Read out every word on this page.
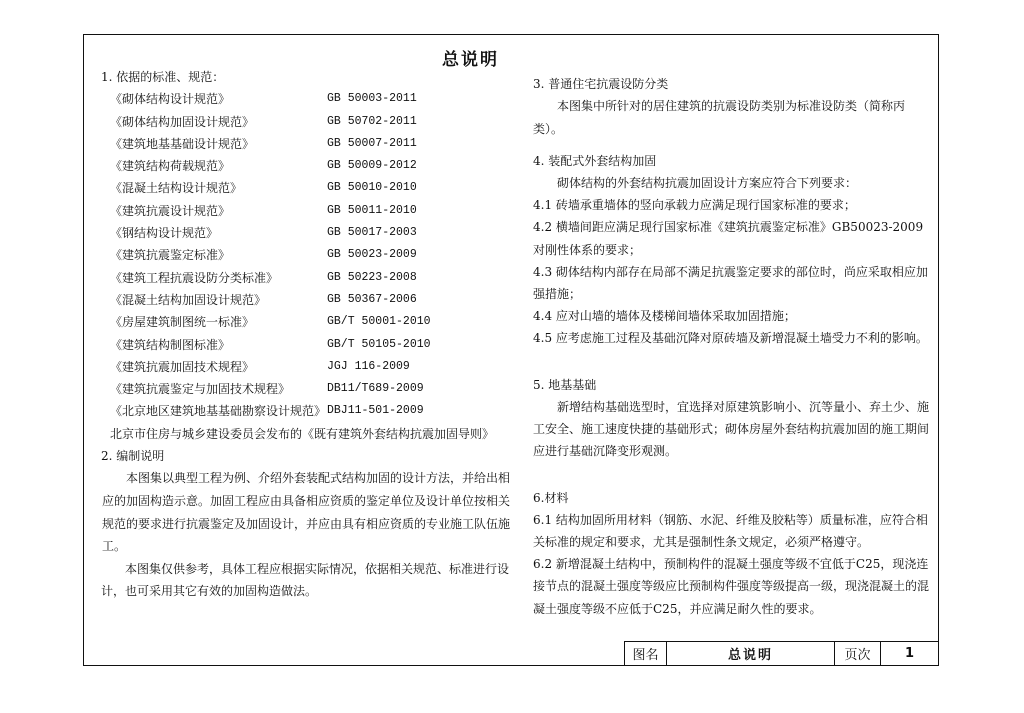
总说明
1. 依据的标准、规范：
《砌体结构设计规范》	GB 50003-2011
《砌体结构加固设计规范》	GB 50702-2011
《建筑地基基础设计规范》	GB 50007-2011
《建筑结构荷载规范》	GB 50009-2012
《混凝土结构设计规范》	GB 50010-2010
《建筑抗震设计规范》	GB 50011-2010
《钢结构设计规范》	GB 50017-2003
《建筑抗震鉴定标准》	GB 50023-2009
《建筑工程抗震设防分类标准》	GB 50223-2008
《混凝土结构加固设计规范》	GB 50367-2006
《房屋建筑制图统一标准》	GB/T 50001-2010
《建筑结构制图标准》	GB/T 50105-2010
《建筑抗震加固技术规程》	JGJ 116-2009
《建筑抗震鉴定与加固技术规程》	DB11/T689-2009
《北京地区建筑地基基础勘察设计规范》 DBJ11-501-2009
北京市住房与城乡建设委员会发布的《既有建筑外套结构抗震加固导则》
2. 编制说明
本图集以典型工程为例、介绍外套装配式结构加固的设计方法，并给出相应的加固构造示意。加固工程应由具备相应资质的鉴定单位及设计单位按相关规范的要求进行抗震鉴定及加固设计，并应由具有相应资质的专业施工队伍施工。
本图集仅供参考，具体工程应根据实际情况，依据相关规范、标准进行设计，也可采用其它有效的加固构造做法。
3. 普通住宅抗震设防分类
本图集中所针对的居住建筑的抗震设防类别为标准设防类（简称丙类）。
4. 装配式外套结构加固
砌体结构的外套结构抗震加固设计方案应符合下列要求：
4.1 砖墙承重墙体的竖向承载力应满足现行国家标准的要求；
4.2 横墙间距应满足现行国家标准《建筑抗震鉴定标准》GB50023-2009对刚性体系的要求；
4.3 砌体结构内部存在局部不满足抗震鉴定要求的部位时，尚应采取相应加强措施；
4.4 应对山墙的墙体及楼梯间墙体采取加固措施；
4.5 应考虑施工过程及基础沉降对原砖墙及新增混凝土墙受力不利的影响。
5. 地基基础
新增结构基础选型时，宜选择对原建筑影响小、沉等量小、弃土少、施工安全、施工速度快捷的基础形式；砌体房屋外套结构抗震加固的施工期间应进行基础沉降变形观测。
6.材料
6.1 结构加固所用材料（钢筋、水泥、纤维及胶粘等）质量标准，应符合相关标准的规定和要求，尤其是强制性条文规定，必须严格遵守。
6.2 新增混凝土结构中，预制构件的混凝土强度等级不宜低于C25，现浇连接节点的混凝土强度等级应比预制构件强度等级提高一级，现浇混凝土的混凝土强度等级不应低于C25，并应满足耐久性的要求。
图名	总说明	页次	1
